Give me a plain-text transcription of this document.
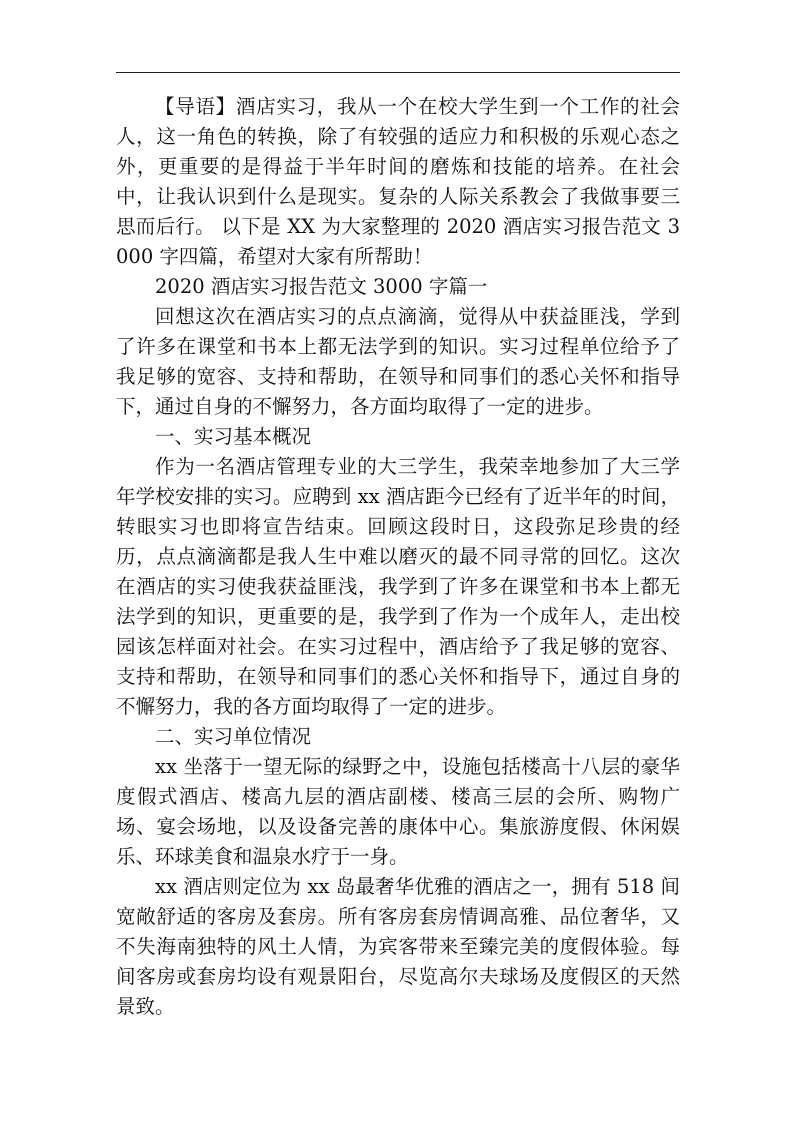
【导语】酒店实习，我从一个在校大学生到一个工作的社会人，这一角色的转换，除了有较强的适应力和积极的乐观心态之外，更重要的是得益于半年时间的磨炼和技能的培养。在社会中，让我认识到什么是现实。复杂的人际关系教会了我做事要三思而后行。 以下是 XX 为大家整理的 2020 酒店实习报告范文 3000 字四篇，希望对大家有所帮助！

2020 酒店实习报告范文 3000 字篇一

回想这次在酒店实习的点点滴滴，觉得从中获益匪浅，学到了许多在课堂和书本上都无法学到的知识。实习过程单位给予了我足够的宽容、支持和帮助，在领导和同事们的悉心关怀和指导下，通过自身的不懈努力，各方面均取得了一定的进步。

一、实习基本概况

作为一名酒店管理专业的大三学生，我荣幸地参加了大三学年学校安排的实习。应聘到 xx 酒店距今已经有了近半年的时间，转眼实习也即将宣告结束。回顾这段时日，这段弥足珍贵的经历，点点滴滴都是我人生中难以磨灭的最不同寻常的回忆。这次在酒店的实习使我获益匪浅，我学到了许多在课堂和书本上都无法学到的知识，更重要的是，我学到了作为一个成年人，走出校园该怎样面对社会。在实习过程中，酒店给予了我足够的宽容、支持和帮助，在领导和同事们的悉心关怀和指导下，通过自身的不懈努力，我的各方面均取得了一定的进步。

二、实习单位情况

xx 坐落于一望无际的绿野之中，设施包括楼高十八层的豪华度假式酒店、楼高九层的酒店副楼、楼高三层的会所、购物广场、宴会场地，以及设备完善的康体中心。集旅游度假、休闲娱乐、环球美食和温泉水疗于一身。

xx 酒店则定位为 xx 岛最奢华优雅的酒店之一，拥有 518 间宽敞舒适的客房及套房。所有客房套房情调高雅、品位奢华，又不失海南独特的风土人情，为宾客带来至臻完美的度假体验。每间客房或套房均设有观景阳台，尽览高尔夫球场及度假区的天然景致。
